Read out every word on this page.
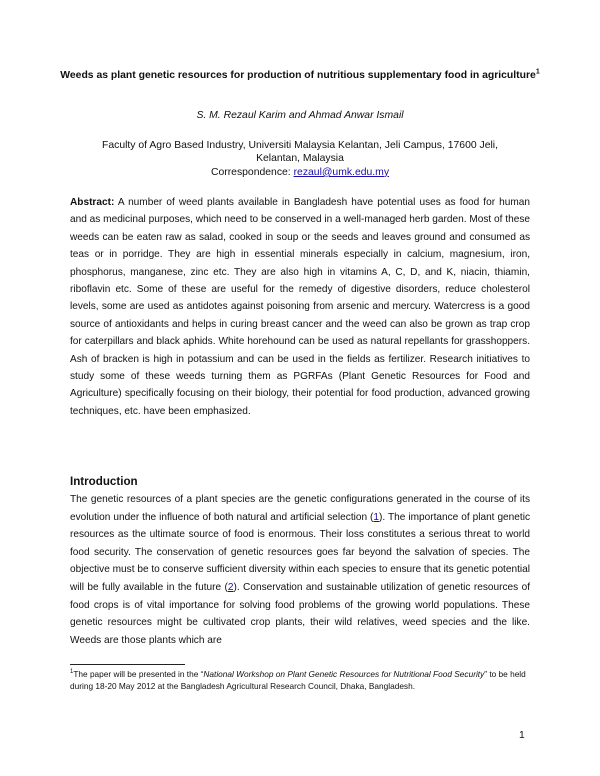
Weeds as plant genetic resources for production of nutritious supplementary food in agriculture$^1$
S. M. Rezaul Karim and Ahmad Anwar Ismail
Faculty of Agro Based Industry, Universiti Malaysia Kelantan, Jeli Campus, 17600 Jeli,
Kelantan, Malaysia
Correspondence: rezaul@umk.edu.my

Abstract: A number of weed plants available in Bangladesh have potential uses as food for human and as medicinal purposes, which need to be conserved in a well-managed herb garden. Most of these weeds can be eaten raw as salad, cooked in soup or the seeds and leaves ground and consumed as teas or in porridge. They are high in essential minerals especially in calcium, magnesium, iron, phosphorus, manganese, zinc etc. They are also high in vitamins A, C, D, and K, niacin, thiamin, riboflavin etc. Some of these are useful for the remedy of digestive disorders, reduce cholesterol levels, some are used as antidotes against poisoning from arsenic and mercury. Watercress is a good source of antioxidants and helps in curing breast cancer and the weed can also be grown as trap crop for caterpillars and black aphids. White horehound can be used as natural repellants for grasshoppers. Ash of bracken is high in potassium and can be used in the fields as fertilizer. Research initiatives to study some of these weeds turning them as PGRFAs (Plant Genetic Resources for Food and Agriculture) specifically focusing on their biology, their potential for food production, advanced growing techniques, etc. have been emphasized.

Introduction

The genetic resources of a plant species are the genetic configurations generated in the course of its evolution under the influence of both natural and artificial selection (1). The importance of plant genetic resources as the ultimate source of food is enormous. Their loss constitutes a serious threat to world food security. The conservation of genetic resources goes far beyond the salvation of species. The objective must be to conserve sufficient diversity within each species to ensure that its genetic potential will be fully available in the future (2). Conservation and sustainable utilization of genetic resources of food crops is of vital importance for solving food problems of the growing world populations. These genetic resources might be cultivated crop plants, their wild relatives, weed species and the like. Weeds are those plants which are

$^1$The paper will be presented in the “National Workshop on Plant Genetic Resources for Nutritional Food Security” to be held during 18-20 May 2012 at the Bangladesh Agricultural Research Council, Dhaka, Bangladesh.

1
